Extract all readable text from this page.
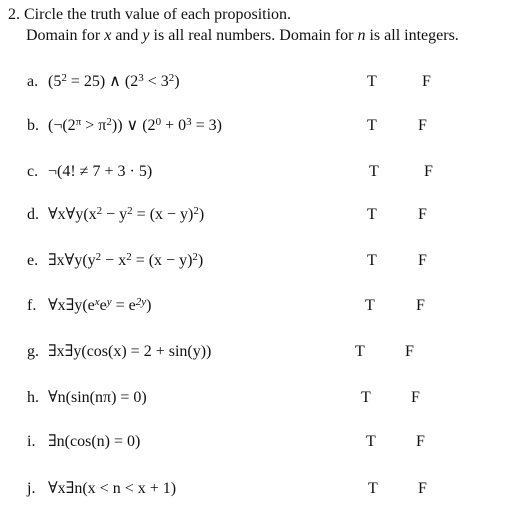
2. Circle the truth value of each proposition.
Domain for x and y is all real numbers. Domain for n is all integers.
a. $(5^2 = 25)$ ∧ $(2^3 < 3^2)$	T	F
b. $(\neg(2^\pi > \pi^2))$ ∨ $(2^0 + 0^3 = 3)$	T	F
c. ¬(4! ≠ 7 + 3 · 5)	T	F
d. $\forall x\forall y(x^2 - y^2 = (x - y)^2)$	T	F
e. $\exists x\forall y(y^2 - x^2 = (x - y)^2)$	T	F
f. $\forall x\exists y(e^xe^y = e^{2y})$	T	F
g. ∃x∃y(cos(x) = 2 + sin(y))	T	F
h. ∀n(sin(nπ) = 0)	T	F
i. ∃n(cos(n) = 0)	T	F
j. ∀x∃n(x < n < x + 1)	T	F
